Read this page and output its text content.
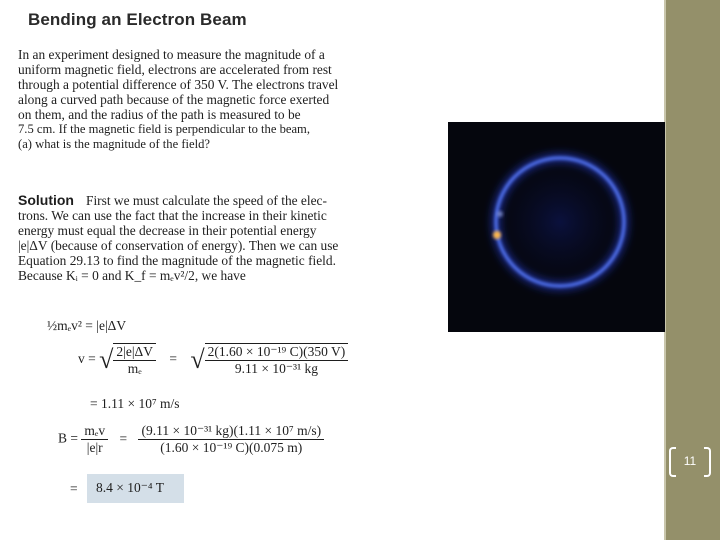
11
Bending an Electron Beam

In an experiment designed to measure the magnitude of a

uniform magnetic field, electrons are accelerated from rest

through a potential difference of 350 V. The electrons travel

along a curved path because of the magnetic force exerted

on them, and the radius of the path is measured to be

7.5 cm. If the magnetic field is perpendicular to the beam,

(a) what is the magnitude of the field?

Solution First we must calculate the speed of the elec-

trons. We can use the fact that the increase in their kinetic

energy must equal the decrease in their potential energy

|e|ΔV (because of conservation of energy). Then we can use

Equation 29.13 to find the magnitude of the magnetic field.

Because Kᵢ = 0 and K_f = mₑv²/2, we have

½mₑv² = |e|ΔV
v = √ $\frac{2|e|\Delta V}{\text{mₑ}}$ = √ $\frac{\text{2(1.60 × 10⁻¹⁹ C)(350 V)}}{\text{9.11 × 10⁻³¹ kg}}$
= 1.11 × 10⁷ m/s
$B = \frac{\text{mₑv}}{|e|r} = \frac{\text{(9.11 × 10⁻³¹ kg)(1.11 × 10⁷ m/s)}}{\text{(1.60 × 10⁻¹⁹ C)(0.075 m)}}$
= 8.4 × 10⁻⁴ T
